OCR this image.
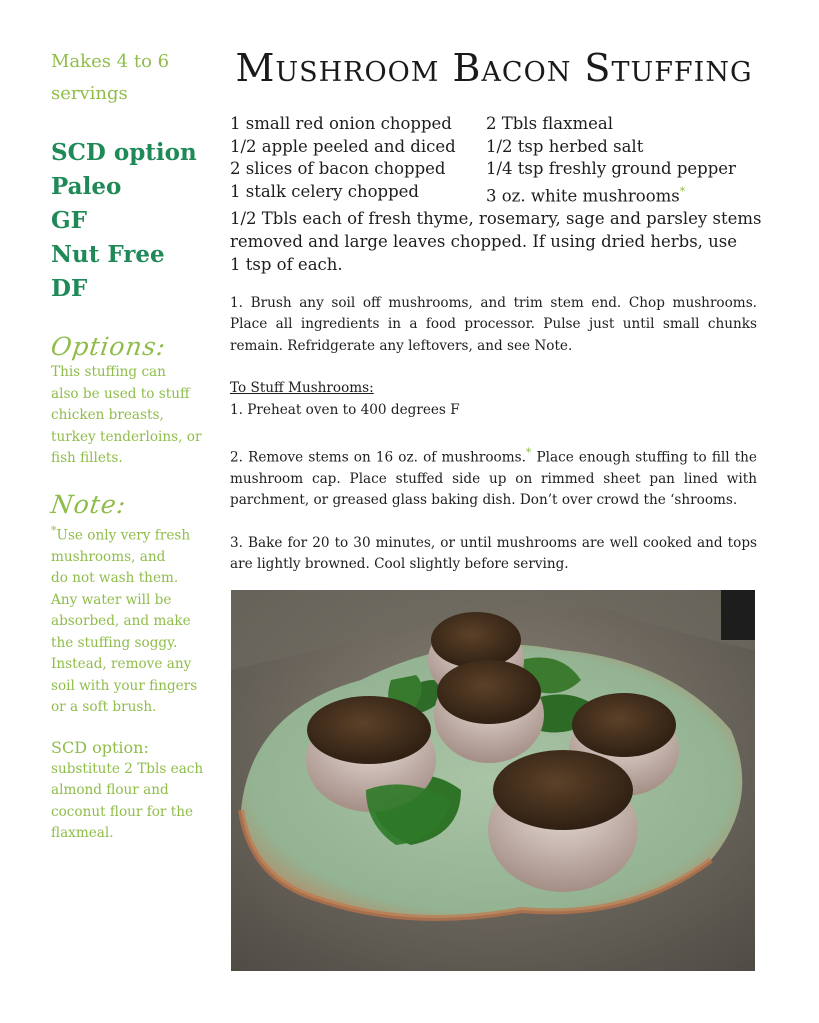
Makes 4 to 6
servings
SCD option
Paleo
GF
Nut Free
DF
Options:
This stuffing can
also be used to stuff
chicken breasts,
turkey tenderloins, or
fish fillets.
Note:
*Use only very fresh
mushrooms, and
do not wash them.
Any water will be
absorbed, and make
the stuffing soggy.
Instead, remove any
soil with your fingers
or a soft brush.
SCD option:
substitute 2 Tbls each
almond flour and
coconut flour for the
flaxmeal.
Mushroom Bacon Stuffing
1 small red onion chopped
1/2 apple peeled and diced
2 slices of bacon chopped
1 stalk celery chopped
2 Tbls flaxmeal
1/2 tsp herbed salt
1/4 tsp freshly ground pepper
3 oz. white mushrooms*
1/2 Tbls each of fresh thyme, rosemary, sage and parsley stems
removed and large leaves chopped. If using dried herbs, use
1 tsp of each.

1. Brush any soil off mushrooms, and trim stem end. Chop mushrooms. Place all ingredients in a food processor. Pulse just until small chunks remain. Refridgerate any leftovers, and see Note.

To Stuff Mushrooms:

1. Preheat oven to 400 degrees F

2. Remove stems on 16 oz. of mushrooms.* Place enough stuffing to fill the mushroom cap. Place stuffed side up on rimmed sheet pan lined with parchment, or greased glass baking dish. Don’t over crowd the ‘shrooms.

3. Bake for 20 to 30 minutes, or until mushrooms are well cooked and tops are lightly browned. Cool slightly before serving.
